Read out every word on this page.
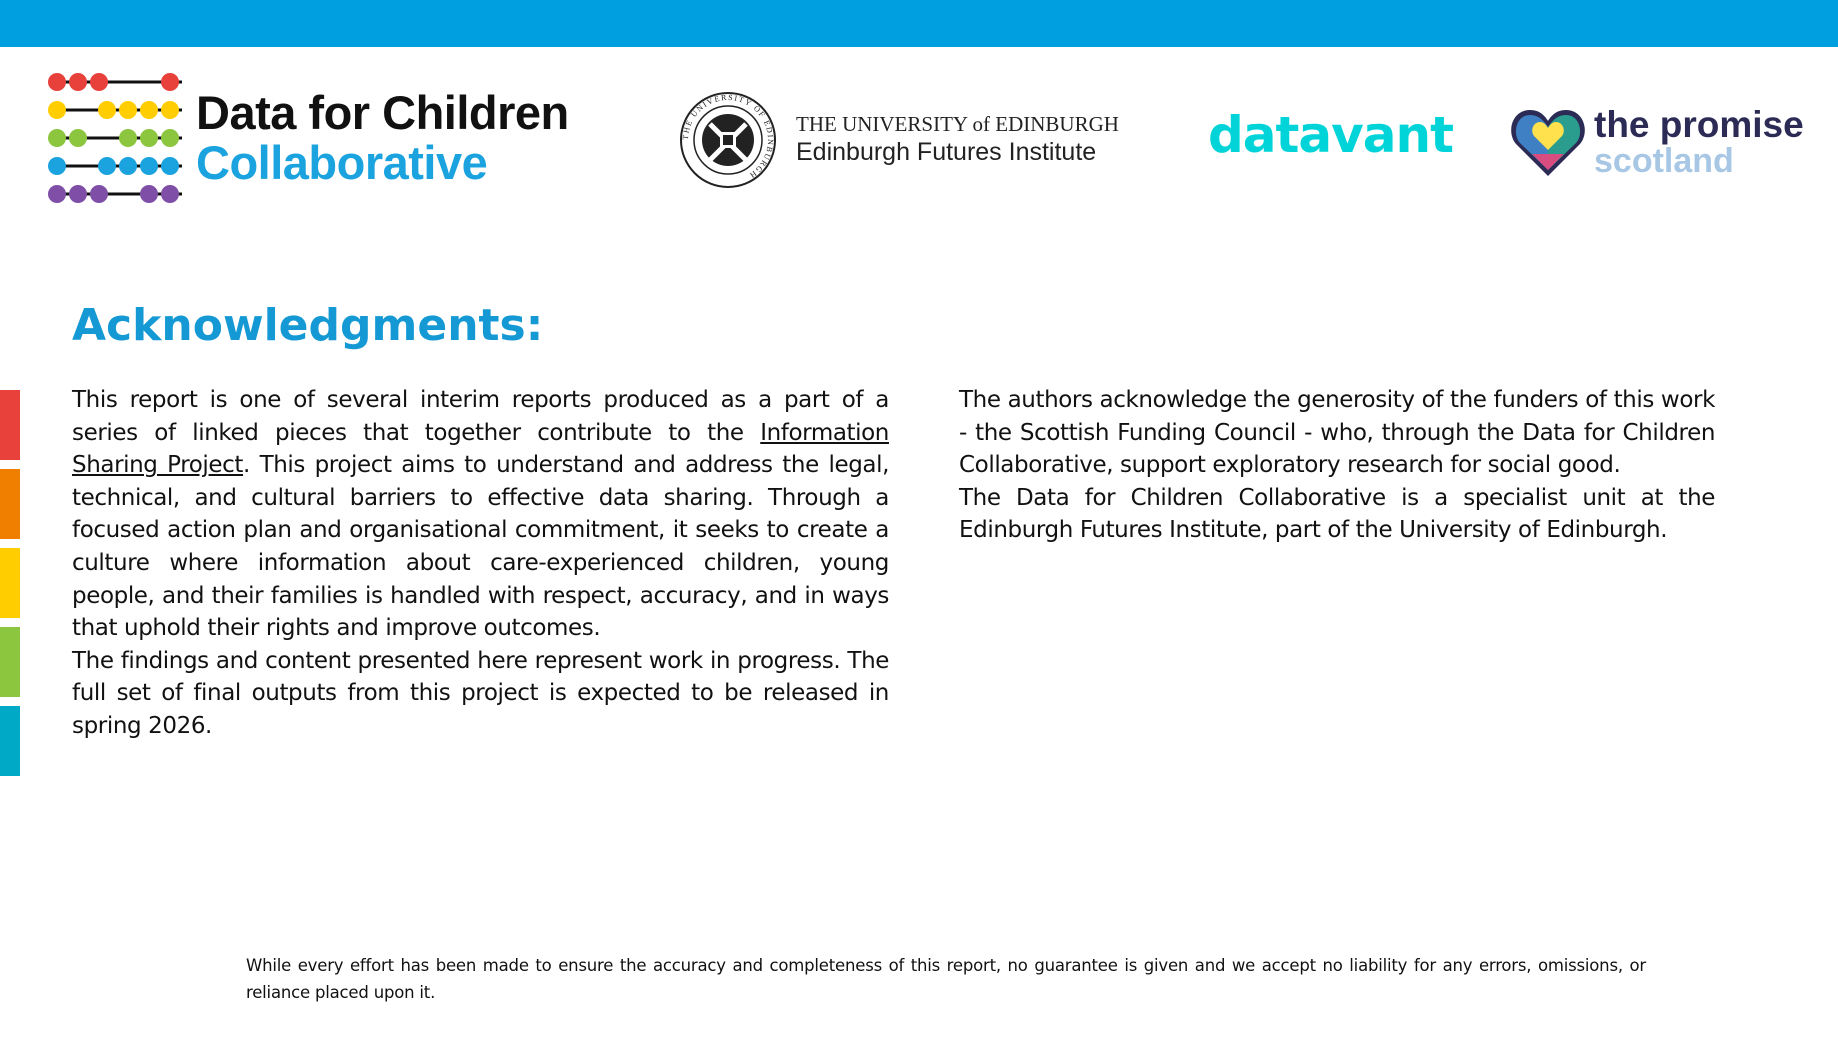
Data for Children
Collaborative	THE UNIVERSITY OF EDINBURGH
THE UNIVERSITY of EDINBURGH
Edinburgh Futures Institute datavant	the promise
scotland
Acknowledgments:

This report is one of several interim reports produced as a part of a series of linked pieces that together contribute to the Information Sharing Project. This project aims to understand and address the legal, technical, and cultural barriers to effective data sharing. Through a focused action plan and organisational commitment, it seeks to create a culture where information about care-experienced children, young people, and their families is handled with respect, accuracy, and in ways that uphold their rights and improve outcomes.

The findings and content presented here represent work in progress. The full set of final outputs from this project is expected to be released in spring 2026.

The authors acknowledge the generosity of the funders of this work - the Scottish Funding Council - who, through the Data for Children Collaborative, support exploratory research for social good.

The Data for Children Collaborative is a specialist unit at the Edinburgh Futures Institute, part of the University of Edinburgh.

While every effort has been made to ensure the accuracy and completeness of this report, no guarantee is given and we accept no liability for any errors, omissions, or reliance placed upon it.
